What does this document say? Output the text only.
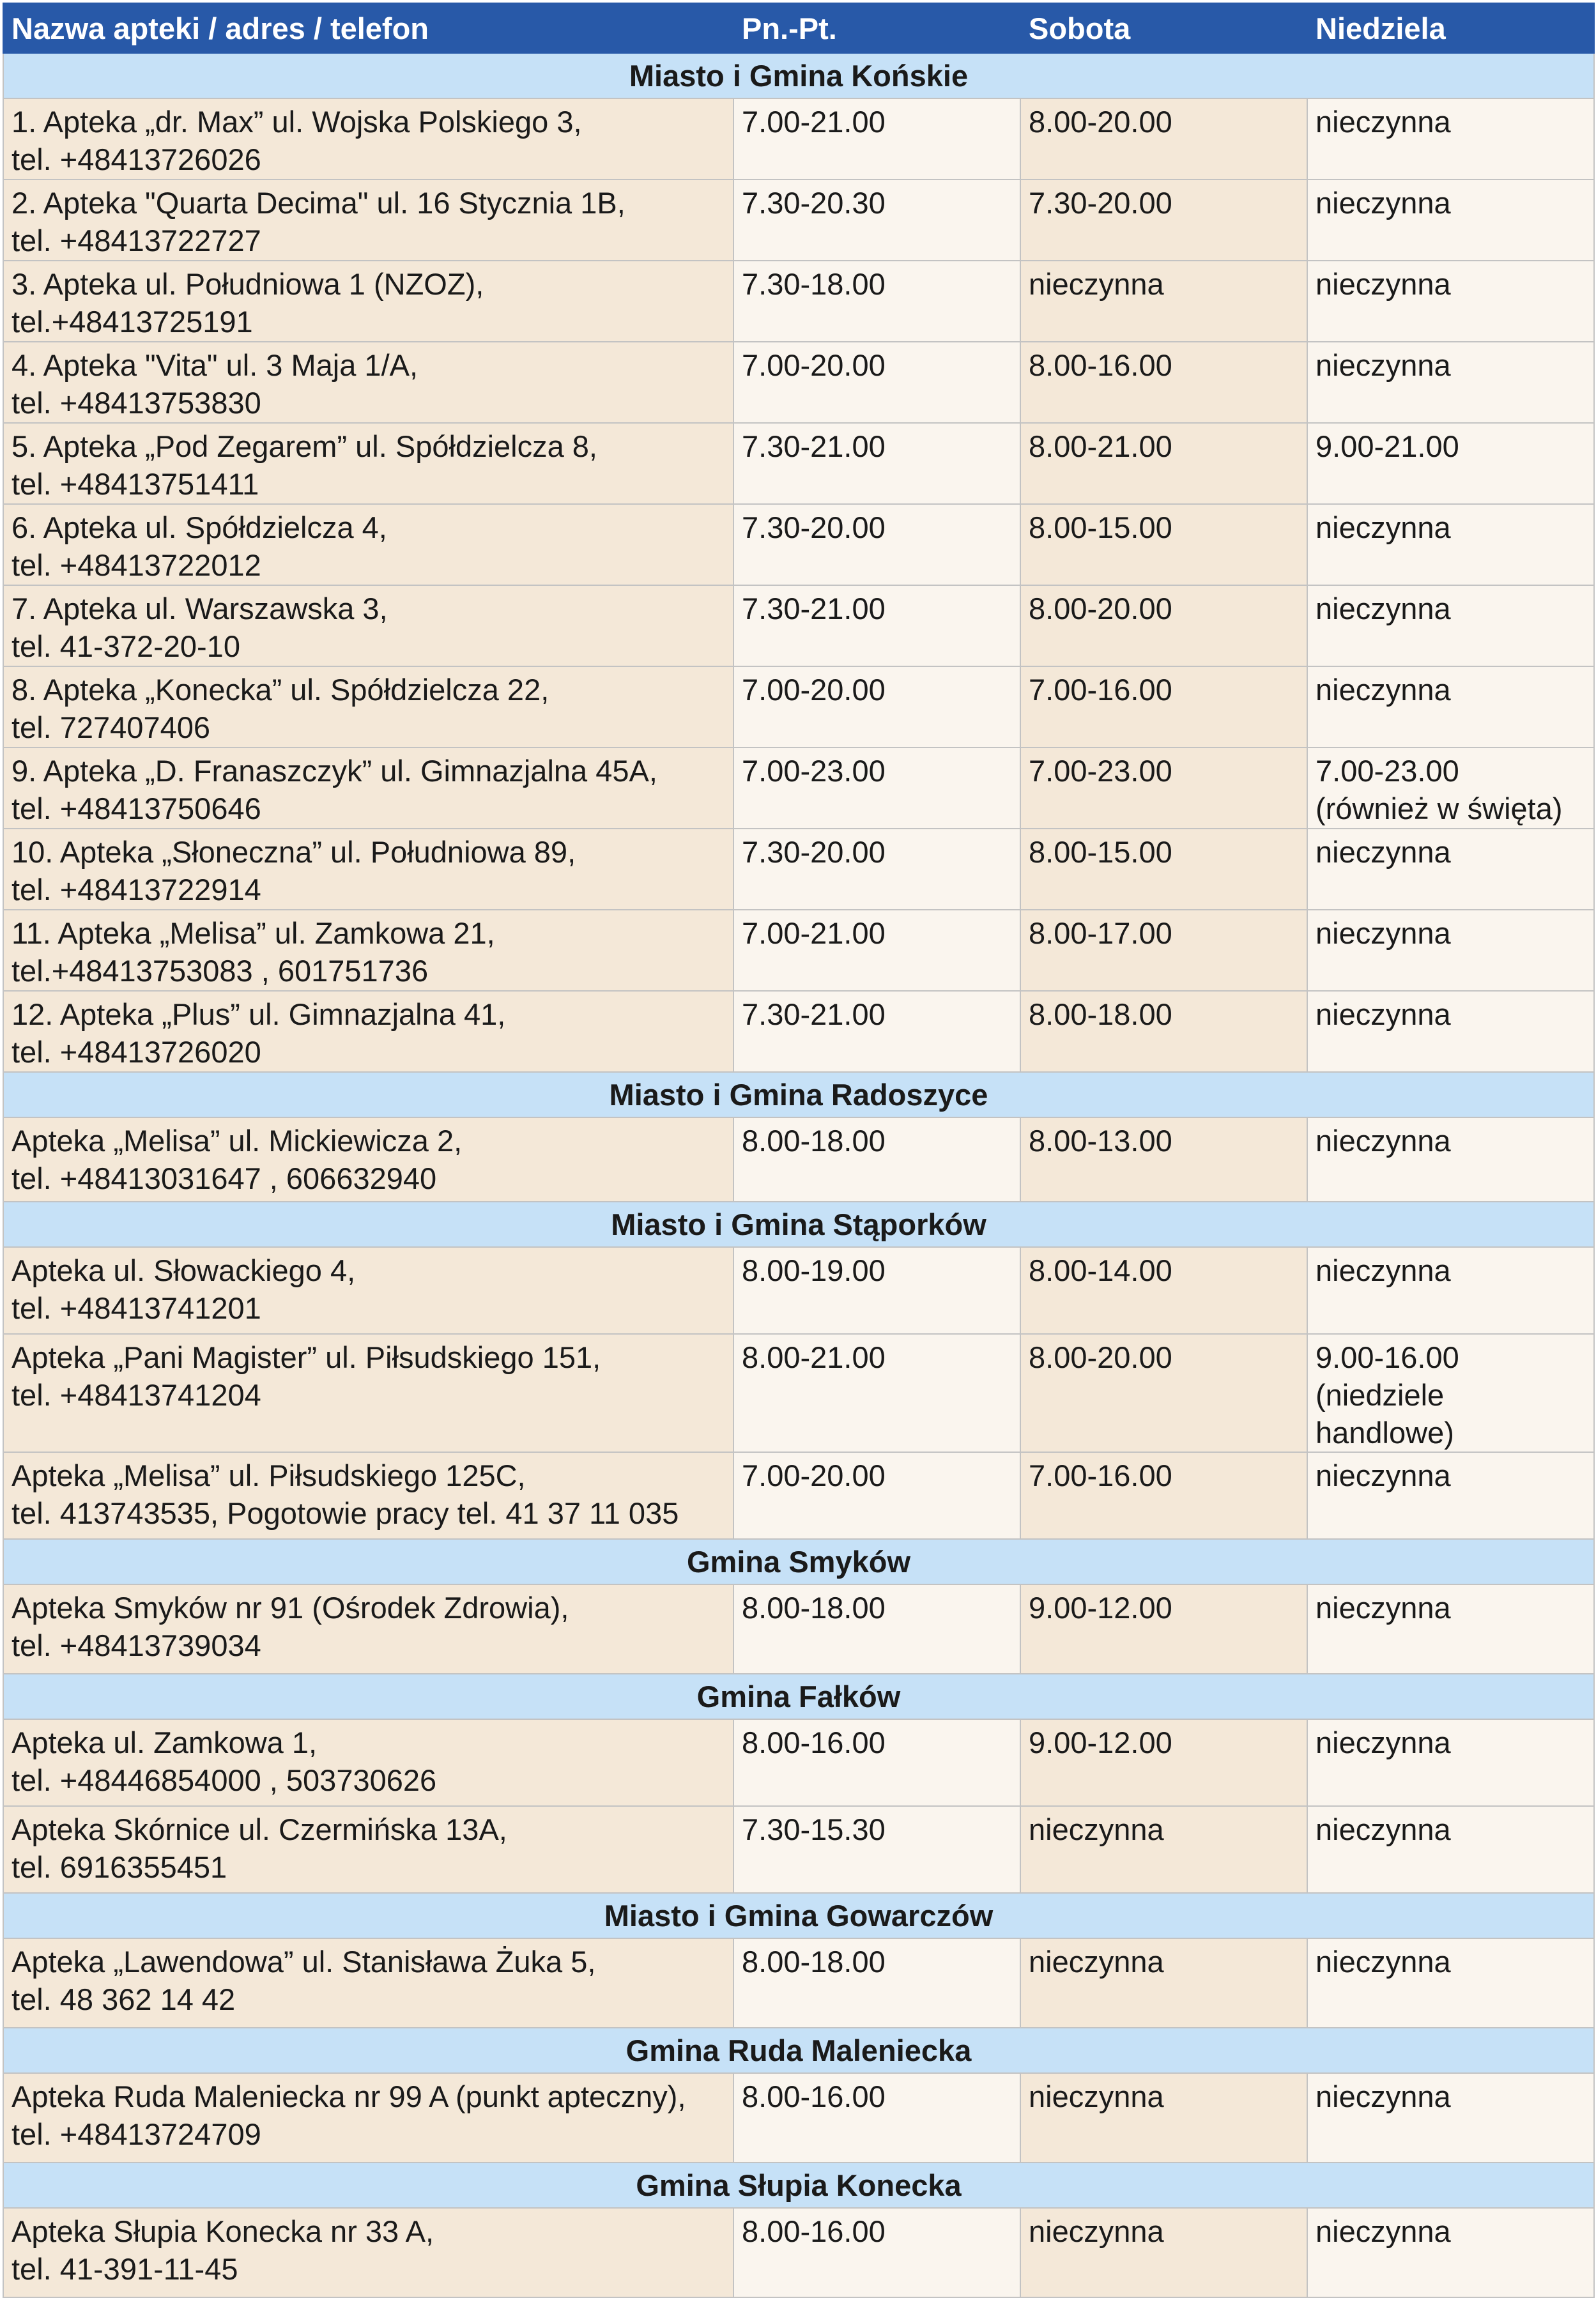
Nazwa apteki / adres / telefon	Pn.-Pt.	Sobota	Niedziela
Miasto i Gmina Końskie			
1. Apteka „dr. Max” ul. Wojska Polskiego 3,
tel. +48413726026	7.00-21.00	8.00-20.00	nieczynna
2. Apteka "Quarta Decima" ul. 16 Stycznia 1B,
tel. +48413722727	7.30-20.30	7.30-20.00	nieczynna
3. Apteka ul. Południowa 1 (NZOZ),
tel.+48413725191	7.30-18.00	nieczynna	nieczynna
4. Apteka "Vita" ul. 3 Maja 1/A,
tel. +48413753830	7.00-20.00	8.00-16.00	nieczynna
5. Apteka „Pod Zegarem” ul. Spółdzielcza 8,
tel. +48413751411	7.30-21.00	8.00-21.00	9.00-21.00
6. Apteka ul. Spółdzielcza 4,
tel. +48413722012	7.30-20.00	8.00-15.00	nieczynna
7. Apteka ul. Warszawska 3,
tel. 41-372-20-10	7.30-21.00	8.00-20.00	nieczynna
8. Apteka „Konecka” ul. Spółdzielcza 22,
tel. 727407406	7.00-20.00	7.00-16.00	nieczynna
9. Apteka „D. Franaszczyk” ul. Gimnazjalna 45A,
tel. +48413750646	7.00-23.00	7.00-23.00	7.00-23.00
(również w święta)
10. Apteka „Słoneczna” ul. Południowa 89,
tel. +48413722914	7.30-20.00	8.00-15.00	nieczynna
11. Apteka „Melisa” ul. Zamkowa 21,
tel.+48413753083 , 601751736	7.00-21.00	8.00-17.00	nieczynna
12. Apteka „Plus” ul. Gimnazjalna 41,
tel. +48413726020	7.30-21.00	8.00-18.00	nieczynna
Miasto i Gmina Radoszyce			
Apteka „Melisa” ul. Mickiewicza 2,
tel. +48413031647 , 606632940	8.00-18.00	8.00-13.00	nieczynna
Miasto i Gmina Stąporków			
Apteka ul. Słowackiego 4,
tel. +48413741201	8.00-19.00	8.00-14.00	nieczynna
Apteka „Pani Magister” ul. Piłsudskiego 151,
tel. +48413741204	8.00-21.00	8.00-20.00	9.00-16.00
(niedziele handlowe)
Apteka „Melisa” ul. Piłsudskiego 125C,
tel. 413743535, Pogotowie pracy tel. 41 37 11 035	7.00-20.00	7.00-16.00	nieczynna
Gmina Smyków			
Apteka Smyków nr 91 (Ośrodek Zdrowia),
tel. +48413739034	8.00-18.00	9.00-12.00	nieczynna
Gmina Fałków			
Apteka ul. Zamkowa 1,
tel. +48446854000 , 503730626	8.00-16.00	9.00-12.00	nieczynna
Apteka Skórnice ul. Czermińska 13A,
tel. 6916355451	7.30-15.30	nieczynna	nieczynna
Miasto i Gmina Gowarczów			
Apteka „Lawendowa” ul. Stanisława Żuka 5,
tel. 48 362 14 42	8.00-18.00	nieczynna	nieczynna
Gmina Ruda Maleniecka			
Apteka Ruda Maleniecka nr 99 A (punkt apteczny),
tel. +48413724709	8.00-16.00	nieczynna	nieczynna
Gmina Słupia Konecka			
Apteka Słupia Konecka nr 33 A,
tel. 41-391-11-45	8.00-16.00	nieczynna	nieczynna
